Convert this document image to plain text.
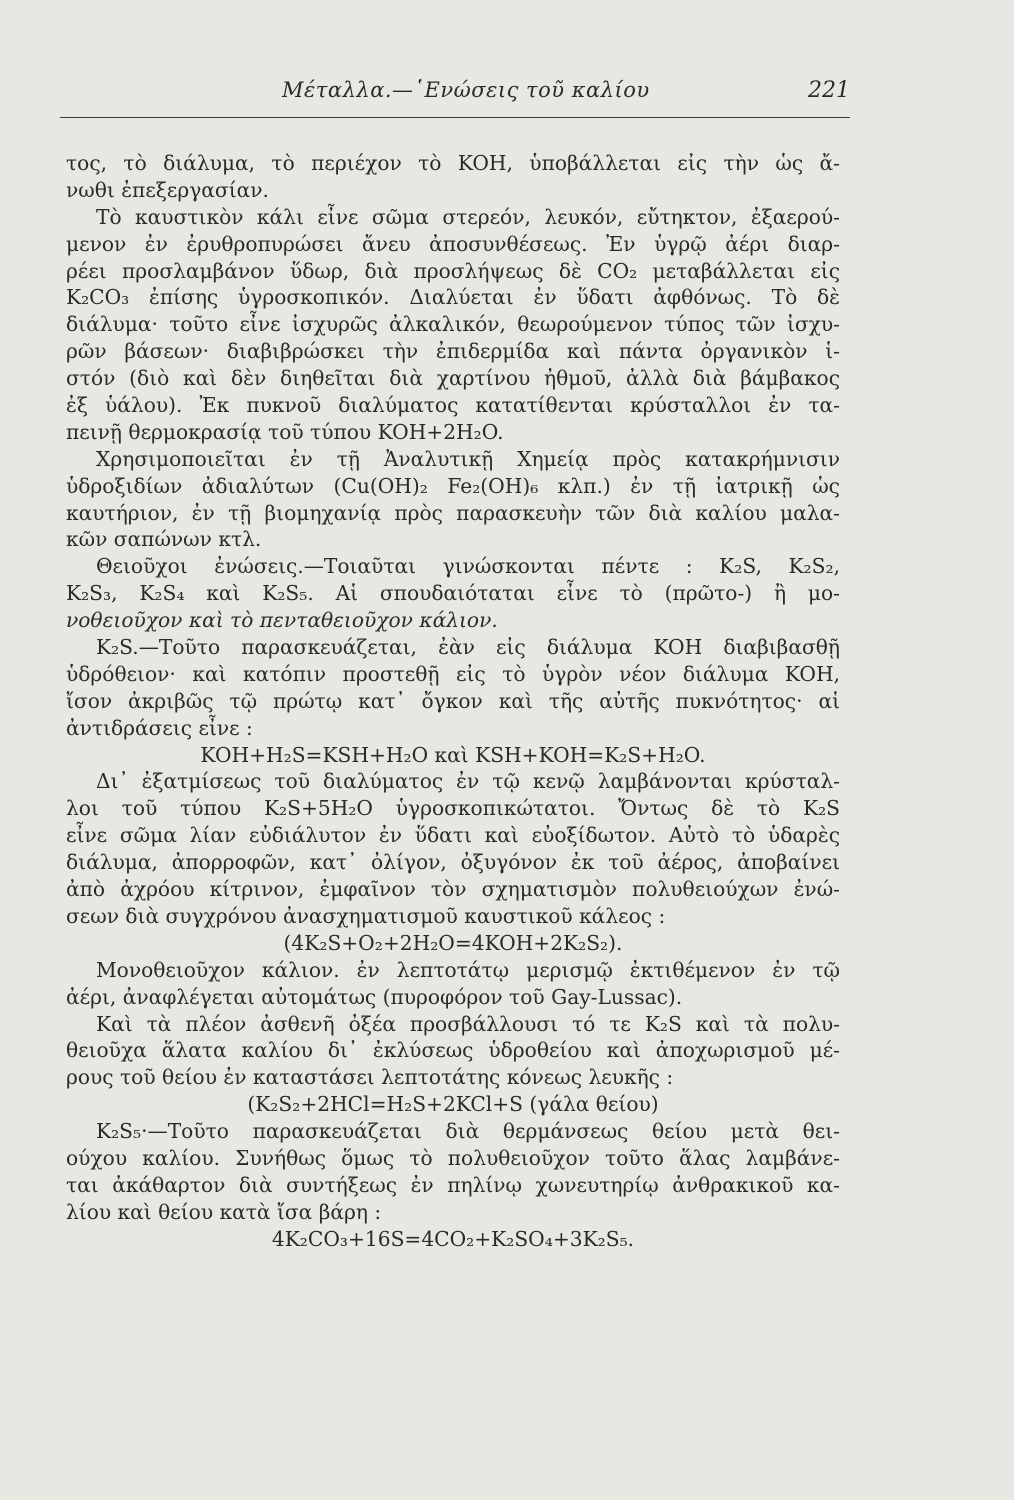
Μέταλλα.—῾Ενώσεις τοῦ καλίου	221
τος, τὸ διάλυμα, τὸ περιέχον τὸ KOH, ὑποβάλλεται εἰς τὴν ὡς ἄ-
νωθι ἐπεξεργασίαν.
Τὸ καυστικὸν κάλι εἶνε σῶμα στερεόν, λευκόν, εὔτηκτον, ἐξαερού-
μενον ἐν ἐρυθροπυρώσει ἄνευ ἀποσυνθέσεως. Ἐν ὑγρῷ ἀέρι διαρ-
ρέει προσλαμβάνον ὕδωρ, διὰ προσλήψεως δὲ CO₂ μεταβάλλεται εἰς
K₂CO₃ ἐπίσης ὑγροσκοπικόν. Διαλύεται ἐν ὕδατι ἀφθόνως. Τὸ δὲ
διάλυμα· τοῦτο εἶνε ἰσχυρῶς ἀλκαλικόν, θεωρούμενον τύπος τῶν ἰσχυ-
ρῶν βάσεων· διαβιβρώσκει τὴν ἐπιδερμίδα καὶ πάντα ὀργανικὸν ἱ-
στόν (διὸ καὶ δὲν διηθεῖται διὰ χαρτίνου ἠθμοῦ, ἀλλὰ διὰ βάμβακος
ἐξ ὑάλου). Ἐκ πυκνοῦ διαλύματος κατατίθενται κρύσταλλοι ἐν τα-
πεινῇ θερμοκρασίᾳ τοῦ τύπου KOH+2H₂O.
Χρησιμοποιεῖται ἐν τῇ Ἀναλυτικῇ Χημείᾳ πρὸς κατακρήμνισιν
ὑδροξιδίων ἀδιαλύτων (Cu(OH)₂ Fe₂(OH)₆ κλπ.) ἐν τῇ ἰατρικῇ ὡς
καυτήριον, ἐν τῇ βιομηχανίᾳ πρὸς παρασκευὴν τῶν διὰ καλίου μαλα-
κῶν σαπώνων κτλ.
Θειοῦχοι ἐνώσεις.—Τοιαῦται γινώσκονται πέντε : K₂S, K₂S₂,
K₂S₃, K₂S₄ καὶ K₂S₅. Αἱ σπουδαιόταται εἶνε τὸ (πρῶτο-) ἢ μο-
νοθειοῦχον καὶ τὸ πενταθειοῦχον κάλιον.
K₂S.—Τοῦτο παρασκευάζεται, ἐὰν εἰς διάλυμα KOH διαβιβασθῇ
ὑδρόθειον· καὶ κατόπιν προστεθῇ εἰς τὸ ὑγρὸν νέον διάλυμα KOH,
ἴσον ἀκριβῶς τῷ πρώτῳ κατ᾽ ὄγκον καὶ τῆς αὐτῆς πυκνότητος· αἱ
ἀντιδράσεις εἶνε :
KOH+H₂S=KSH+H₂O καὶ KSH+KOH=K₂S+H₂O.
Δι᾽ ἐξατμίσεως τοῦ διαλύματος ἐν τῷ κενῷ λαμβάνονται κρύσταλ-
λοι τοῦ τύπου K₂S+5H₂O ὑγροσκοπικώτατοι. Ὄντως δὲ τὸ K₂S
εἶνε σῶμα λίαν εὐδιάλυτον ἐν ὕδατι καὶ εὐοξίδωτον. Αὐτὸ τὸ ὑδαρὲς
διάλυμα, ἀπορροφῶν, κατ᾽ ὀλίγον, ὀξυγόνον ἐκ τοῦ ἀέρος, ἀποβαίνει
ἀπὸ ἀχρόου κίτρινον, ἐμφαῖνον τὸν σχηματισμὸν πολυθειούχων ἐνώ-
σεων διὰ συγχρόνου ἀνασχηματισμοῦ καυστικοῦ κάλεος :
(4K₂S+O₂+2H₂O=4KOH+2K₂S₂).
Μονοθειοῦχον κάλιον. ἐν λεπτοτάτῳ μερισμῷ ἐκτιθέμενον ἐν τῷ
ἀέρι, ἀναφλέγεται αὐτομάτως (πυροφόρον τοῦ Gay-Lussac).
Καὶ τὰ πλέον ἀσθενῆ ὀξέα προσβάλλουσι τό τε K₂S καὶ τὰ πολυ-
θειοῦχα ἅλατα καλίου δι᾽ ἐκλύσεως ὑδροθείου καὶ ἀποχωρισμοῦ μέ-
ρους τοῦ θείου ἐν καταστάσει λεπτοτάτης κόνεως λευκῆς :
(K₂S₂+2HCl=H₂S+2KCl+S (γάλα θείου)
K₂S₅·—Τοῦτο παρασκευάζεται διὰ θερμάνσεως θείου μετὰ θει-
ούχου καλίου. Συνήθως ὅμως τὸ πολυθειοῦχον τοῦτο ἅλας λαμβάνε-
ται ἀκάθαρτον διὰ συντήξεως ἐν πηλίνῳ χωνευτηρίῳ ἀνθρακικοῦ κα-
λίου καὶ θείου κατὰ ἴσα βάρη :
4K₂CO₃+16S=4CO₂+K₂SO₄+3K₂S₅.
